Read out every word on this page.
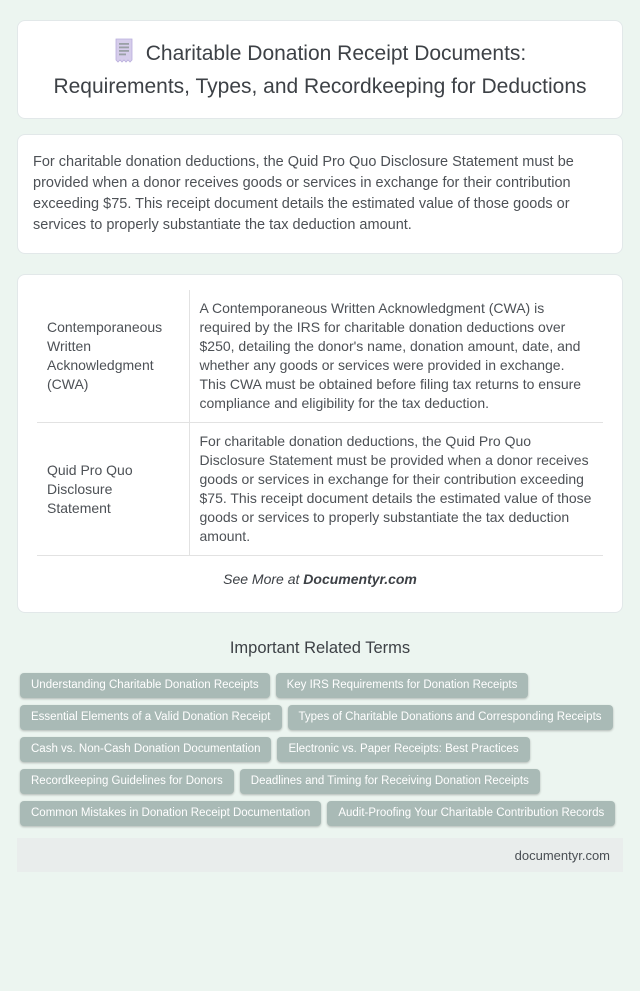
Charitable Donation Receipt Documents: Requirements, Types, and Recordkeeping for Deductions

For charitable donation deductions, the Quid Pro Quo Disclosure Statement must be provided when a donor receives goods or services in exchange for their contribution exceeding $75. This receipt document details the estimated value of those goods or services to properly substantiate the tax deduction amount.

Contemporaneous Written Acknowledgment (CWA)	A Contemporaneous Written Acknowledgment (CWA) is required by the IRS for charitable donation deductions over $250, detailing the donor's name, donation amount, date, and whether any goods or services were provided in exchange. This CWA must be obtained before filing tax returns to ensure compliance and eligibility for the tax deduction.
Quid Pro Quo Disclosure Statement	For charitable donation deductions, the Quid Pro Quo Disclosure Statement must be provided when a donor receives goods or services in exchange for their contribution exceeding $75. This receipt document details the estimated value of those goods or services to properly substantiate the tax deduction amount.
See More at Documentyr.com
Important Related Terms
Understanding Charitable Donation Receipts	Key IRS Requirements for Donation Receipts
Essential Elements of a Valid Donation Receipt	Types of Charitable Donations and Corresponding Receipts
Cash vs. Non-Cash Donation Documentation	Electronic vs. Paper Receipts: Best Practices
Recordkeeping Guidelines for Donors	Deadlines and Timing for Receiving Donation Receipts
Common Mistakes in Donation Receipt Documentation	Audit-Proofing Your Charitable Contribution Records
documentyr.com
